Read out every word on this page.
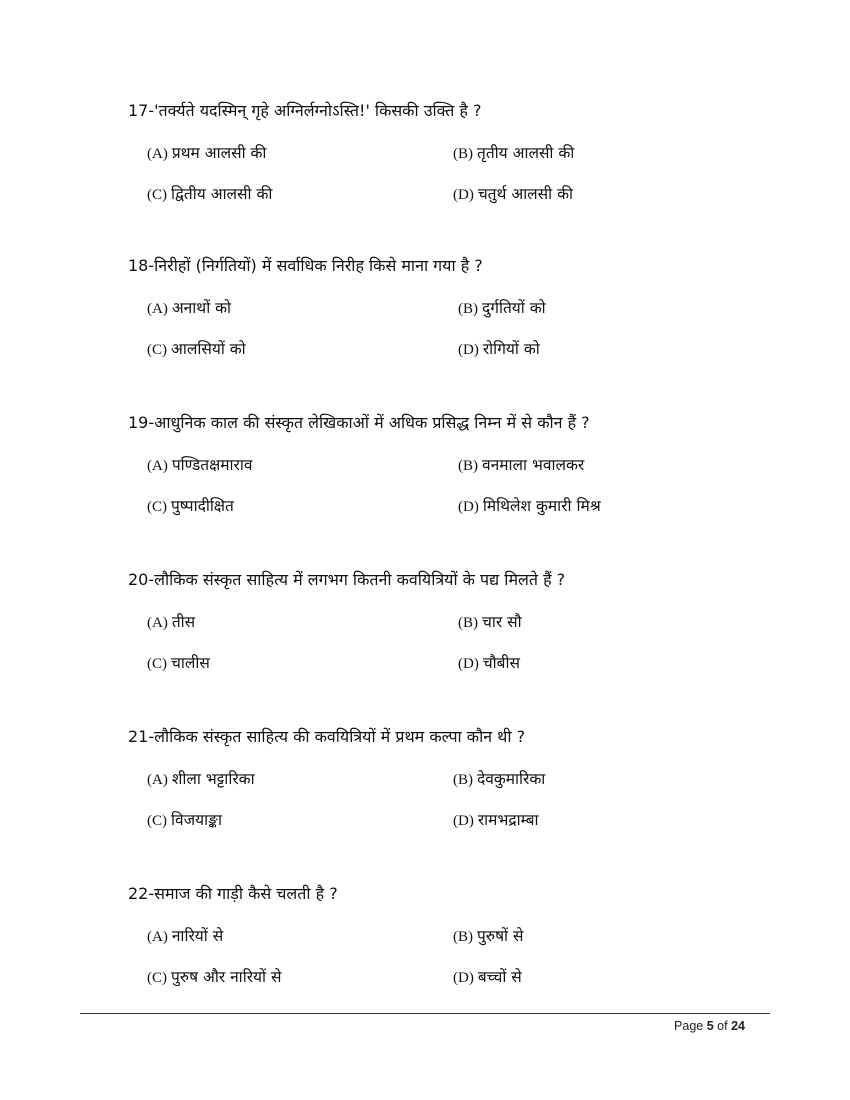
17-'तर्क्यते यदस्मिन् गृहे अग्निर्लग्नोऽस्ति!' किसकी उक्ति है ?
(A) प्रथम आलसी की	(B) तृतीय आलसी की
(C) द्वितीय आलसी की	(D) चतुर्थ आलसी की
18-निरीहों (निर्गतियों) में सर्वाधिक निरीह किसे माना गया है ?
(A) अनाथों को	(B) दुर्गतियों को
(C) आलसियों को	(D) रोगियों को
19-आधुनिक काल की संस्कृत लेखिकाओं में अधिक प्रसिद्ध निम्न में से कौन हैं ?
(A) पण्डितक्षमाराव	(B) वनमाला भवालकर
(C) पुष्पादीक्षित	(D) मिथिलेश कुमारी मिश्र
20-लौकिक संस्कृत साहित्य में लगभग कितनी कवयित्रियों के पद्य मिलते हैं ?
(A) तीस	(B) चार सौ
(C) चालीस	(D) चौबीस
21-लौकिक संस्कृत साहित्य की कवयित्रियों में प्रथम कल्पा कौन थी ?
(A) शीला भट्टारिका	(B) देवकुमारिका
(C) विजयाङ्का	(D) रामभद्राम्बा
22-समाज की गाड़ी कैसे चलती है ?
(A) नारियों से	(B) पुरुषों से
(C) पुरुष और नारियों से	(D) बच्चों से
Page 5 of 24
